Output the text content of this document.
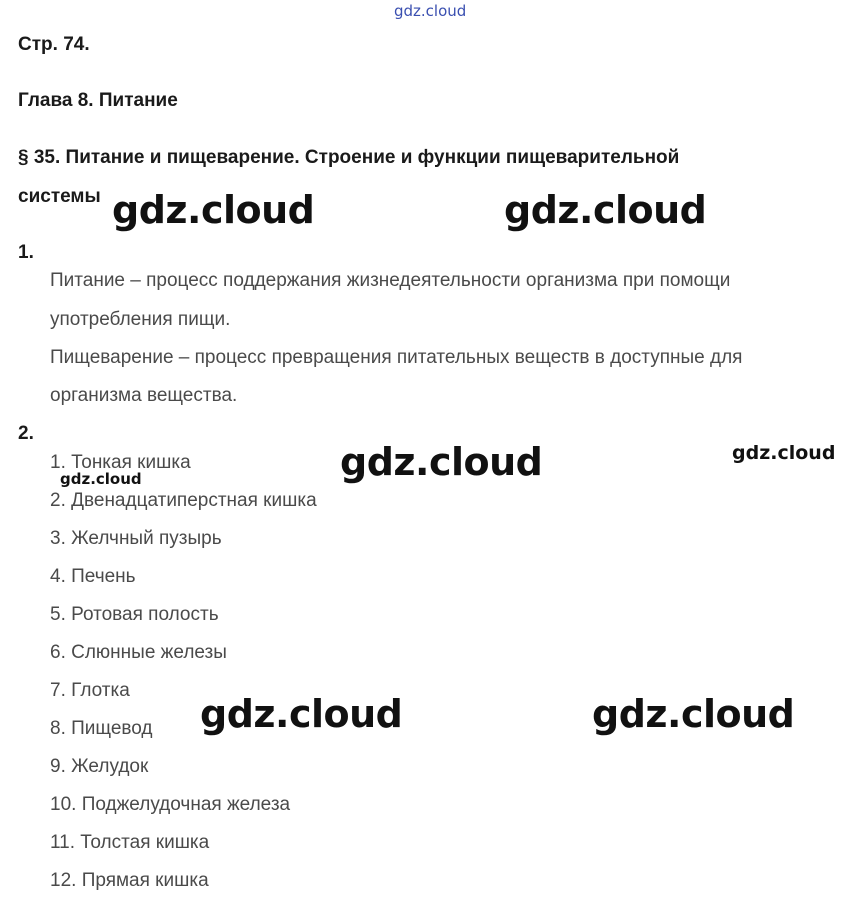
gdz.cloud
Стр. 74.
Глава 8. Питание
§ 35. Питание и пищеварение. Строение и функции пищеварительной
системы
1.
Питание – процесс поддержания жизнедеятельности организма при помощи
употребления пищи.
Пищеварение – процесс превращения питательных веществ в доступные для
организма вещества.
2.
1. Тонкая кишка
2. Двенадцатиперстная кишка
3. Желчный пузырь
4. Печень
5. Ротовая полость
6. Слюнные железы
7. Глотка
8. Пищевод
9. Желудок
10. Поджелудочная железа
11. Толстая кишка
12. Прямая кишка
gdz.cloud	gdz.cloud
gdz.cloud	gdz.cloud
gdz.cloud
gdz.cloud	gdz.cloud
